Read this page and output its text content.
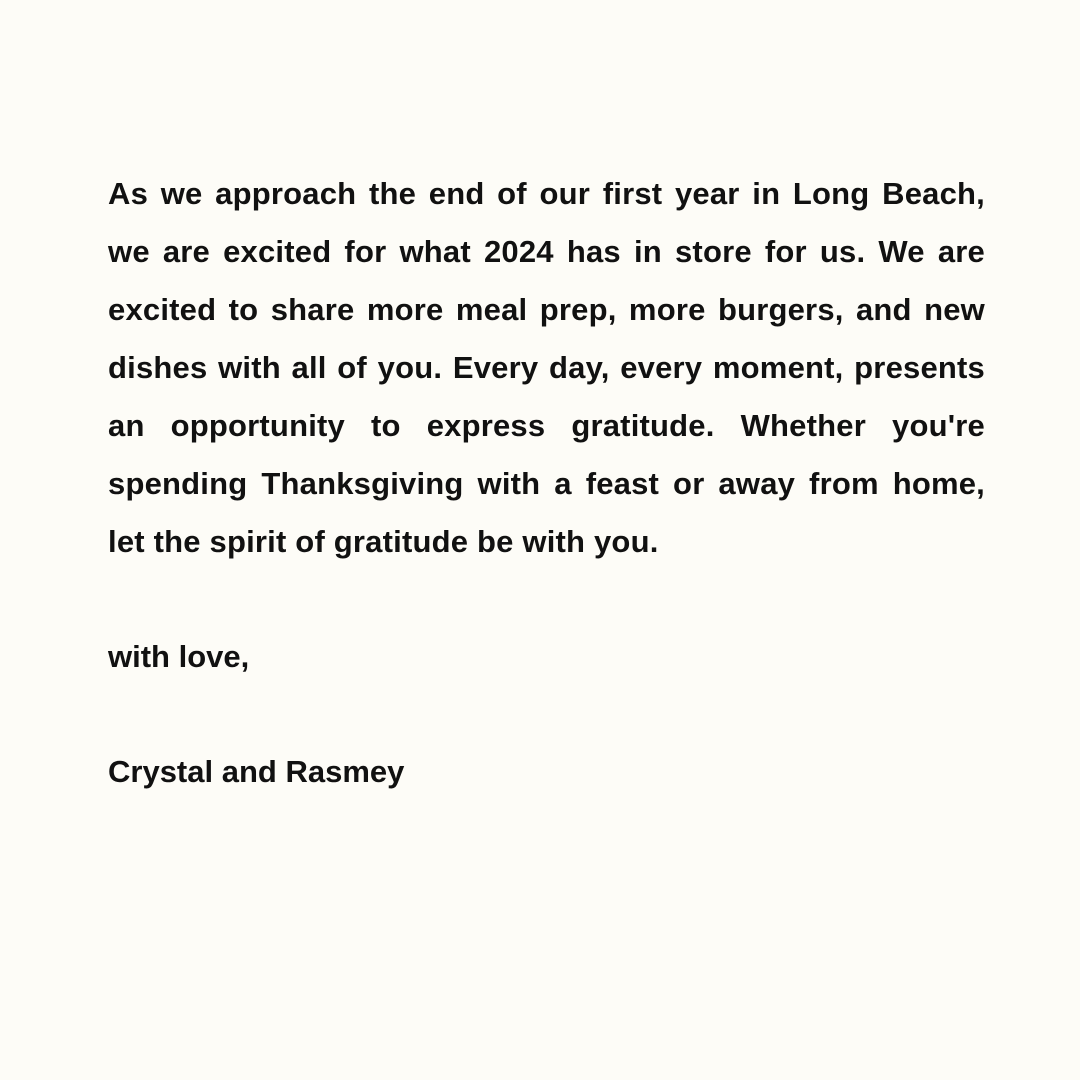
As we approach the end of our first year in Long Beach, we are excited for what 2024 has in store for us. We are excited to share more meal prep, more burgers, and new dishes with all of you. Every day, every moment, presents an opportunity to express gratitude. Whether you're spending Thanksgiving with a feast or away from home, let the spirit of gratitude be with you.

with love,

Crystal and Rasmey
